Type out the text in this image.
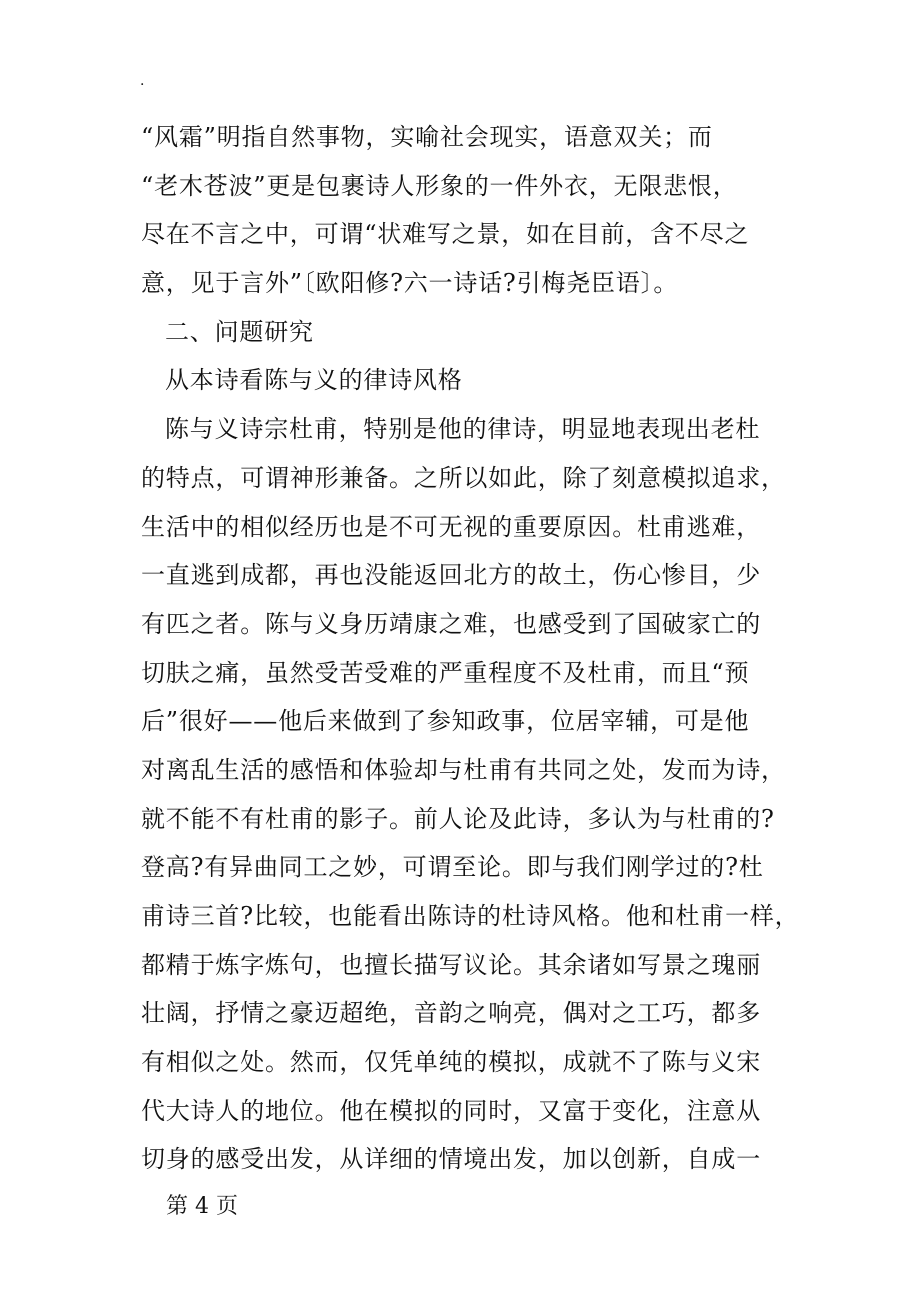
·
“风霜”明指自然事物，实喻社会现实，语意双关；而
“老木苍波”更是包裹诗人形象的一件外衣，无限悲恨，
尽在不言之中，可谓“状难写之景，如在目前，含不尽之
意，见于言外”〔欧阳修?六一诗话?引梅尧臣语〕。
二、问题研究
从本诗看陈与义的律诗风格
陈与义诗宗杜甫，特别是他的律诗，明显地表现出老杜
的特点，可谓神形兼备。之所以如此，除了刻意模拟追求，
生活中的相似经历也是不可无视的重要原因。杜甫逃难，
一直逃到成都，再也没能返回北方的故土，伤心惨目，少
有匹之者。陈与义身历靖康之难，也感受到了国破家亡的
切肤之痛，虽然受苦受难的严重程度不及杜甫，而且“预
后”很好——他后来做到了参知政事，位居宰辅，可是他
对离乱生活的感悟和体验却与杜甫有共同之处，发而为诗，
就不能不有杜甫的影子。前人论及此诗，多认为与杜甫的?
登高?有异曲同工之妙，可谓至论。即与我们刚学过的?杜
甫诗三首?比较，也能看出陈诗的杜诗风格。他和杜甫一样，
都精于炼字炼句，也擅长描写议论。其余诸如写景之瑰丽
壮阔，抒情之豪迈超绝，音韵之响亮，偶对之工巧，都多
有相似之处。然而，仅凭单纯的模拟，成就不了陈与义宋
代大诗人的地位。他在模拟的同时，又富于变化，注意从
切身的感受出发，从详细的情境出发，加以创新，自成一
第 4 页
